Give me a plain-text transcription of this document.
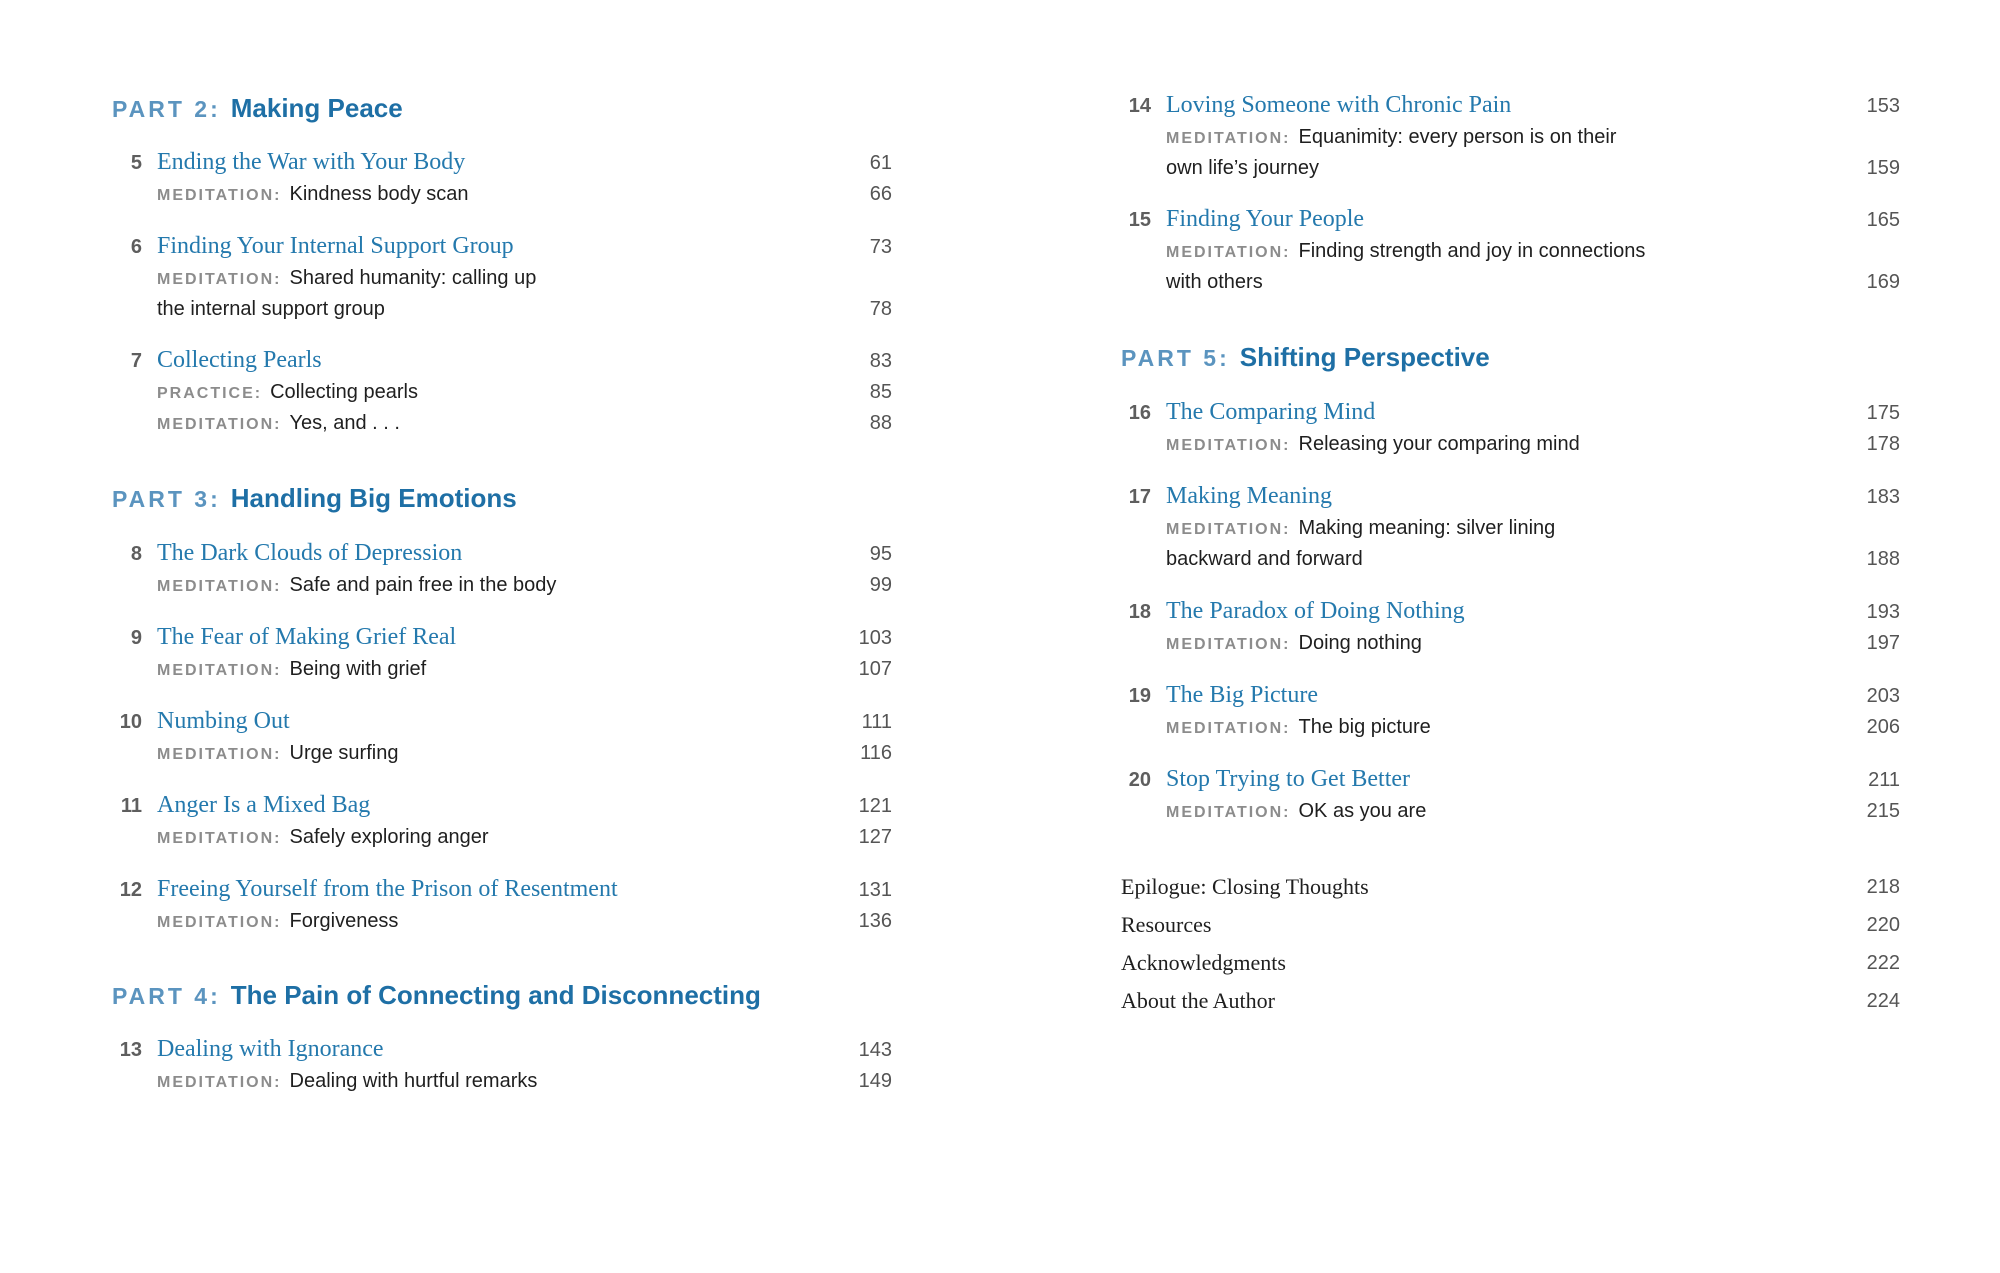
PART 2: Making Peace
5 Ending the War with Your Body	61
MEDITATION: Kindness body scan	66
6 Finding Your Internal Support Group	73
MEDITATION: Shared humanity: calling up
the internal support group	78
7 Collecting Pearls	83
PRACTICE: Collecting pearls	85
MEDITATION: Yes, and . . .	88
PART 3: Handling Big Emotions
8 The Dark Clouds of Depression	95
MEDITATION: Safe and pain free in the body	99
9 The Fear of Making Grief Real	103
MEDITATION: Being with grief	107
10 Numbing Out	111
MEDITATION: Urge surfing	116
11 Anger Is a Mixed Bag	121
MEDITATION: Safely exploring anger	127
12 Freeing Yourself from the Prison of Resentment	131
MEDITATION: Forgiveness	136
PART 4: The Pain of Connecting and Disconnecting
13 Dealing with Ignorance	143
MEDITATION: Dealing with hurtful remarks	149
14 Loving Someone with Chronic Pain	153
MEDITATION: Equanimity: every person is on their
own life’s journey	159
15 Finding Your People	165
MEDITATION: Finding strength and joy in connections
with others	169
PART 5: Shifting Perspective
16 The Comparing Mind	175
MEDITATION: Releasing your comparing mind	178
17 Making Meaning	183
MEDITATION: Making meaning: silver lining
backward and forward	188
18 The Paradox of Doing Nothing	193
MEDITATION: Doing nothing	197
19 The Big Picture	203
MEDITATION: The big picture	206
20 Stop Trying to Get Better	211
MEDITATION: OK as you are	215
Epilogue: Closing Thoughts	218
Resources	220
Acknowledgments	222
About the Author	224
